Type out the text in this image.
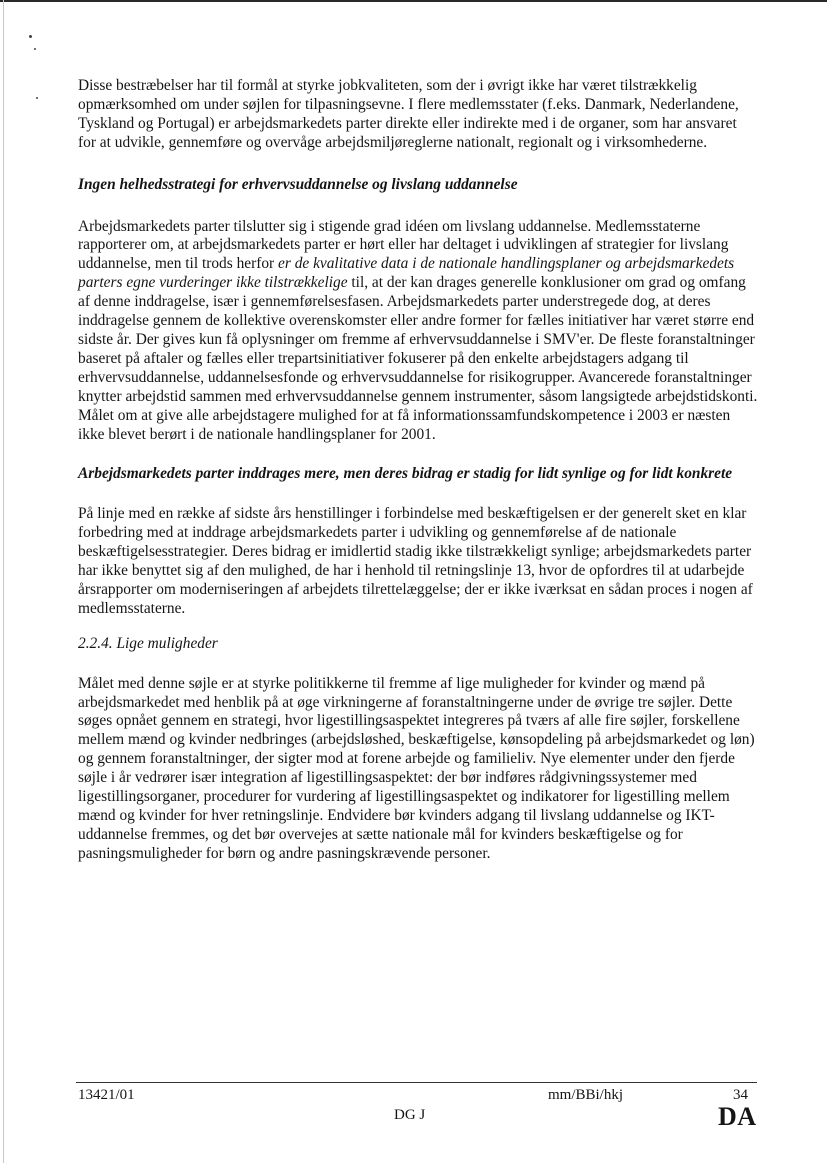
Disse bestræbelser har til formål at styrke jobkvaliteten, som der i øvrigt ikke har været tilstrækkelig opmærksomhed om under søjlen for tilpasningsevne. I flere medlemsstater (f.eks. Danmark, Nederlandene, Tyskland og Portugal) er arbejdsmarkedets parter direkte eller indirekte med i de organer, som har ansvaret for at udvikle, gennemføre og overvåge arbejdsmiljøreglerne nationalt, regionalt og i virksomhederne.

Ingen helhedsstrategi for erhvervsuddannelse og livslang uddannelse

Arbejdsmarkedets parter tilslutter sig i stigende grad idéen om livslang uddannelse. Medlemsstaterne rapporterer om, at arbejdsmarkedets parter er hørt eller har deltaget i udviklingen af strategier for livslang uddannelse, men til trods herfor er de kvalitative data i de nationale handlingsplaner og arbejdsmarkedets parters egne vurderinger ikke tilstrækkelige til, at der kan drages generelle konklusioner om grad og omfang af denne inddragelse, især i gennemførelsesfasen. Arbejdsmarkedets parter understregede dog, at deres inddragelse gennem de kollektive overenskomster eller andre former for fælles initiativer har været større end sidste år. Der gives kun få oplysninger om fremme af erhvervsuddannelse i SMV'er. De fleste foranstaltninger baseret på aftaler og fælles eller trepartsinitiativer fokuserer på den enkelte arbejdstagers adgang til erhvervsuddannelse, uddannelsesfonde og erhvervsuddannelse for risikogrupper. Avancerede foranstaltninger knytter arbejdstid sammen med erhvervsuddannelse gennem instrumenter, såsom langsigtede arbejdstidskonti. Målet om at give alle arbejdstagere mulighed for at få informationssamfundskompetence i 2003 er næsten ikke blevet berørt i de nationale handlingsplaner for 2001.

Arbejdsmarkedets parter inddrages mere, men deres bidrag er stadig for lidt synlige og for lidt konkrete

På linje med en række af sidste års henstillinger i forbindelse med beskæftigelsen er der generelt sket en klar forbedring med at inddrage arbejdsmarkedets parter i udvikling og gennemførelse af de nationale beskæftigelsesstrategier. Deres bidrag er imidlertid stadig ikke tilstrækkeligt synlige; arbejdsmarkedets parter har ikke benyttet sig af den mulighed, de har i henhold til retningslinje 13, hvor de opfordres til at udarbejde årsrapporter om moderniseringen af arbejdets tilrettelæggelse; der er ikke iværksat en sådan proces i nogen af medlemsstaterne.

2.2.4. Lige muligheder

Målet med denne søjle er at styrke politikkerne til fremme af lige muligheder for kvinder og mænd på arbejdsmarkedet med henblik på at øge virkningerne af foranstaltningerne under de øvrige tre søjler. Dette søges opnået gennem en strategi, hvor ligestillingsaspektet integreres på tværs af alle fire søjler, forskellene mellem mænd og kvinder nedbringes (arbejdsløshed, beskæftigelse, kønsopdeling på arbejdsmarkedet og løn) og gennem foranstaltninger, der sigter mod at forene arbejde og familieliv. Nye elementer under den fjerde søjle i år vedrører især integration af ligestillingsaspektet: der bør indføres rådgivningssystemer med ligestillingsorganer, procedurer for vurdering af ligestillingsaspektet og indikatorer for ligestilling mellem mænd og kvinder for hver retningslinje. Endvidere bør kvinders adgang til livslang uddannelse og IKT-uddannelse fremmes, og det bør overvejes at sætte nationale mål for kvinders beskæftigelse og for pasningsmuligheder for børn og andre pasningskrævende personer.

13421/01	mm/BBi/hkj	34
DG J	DA
